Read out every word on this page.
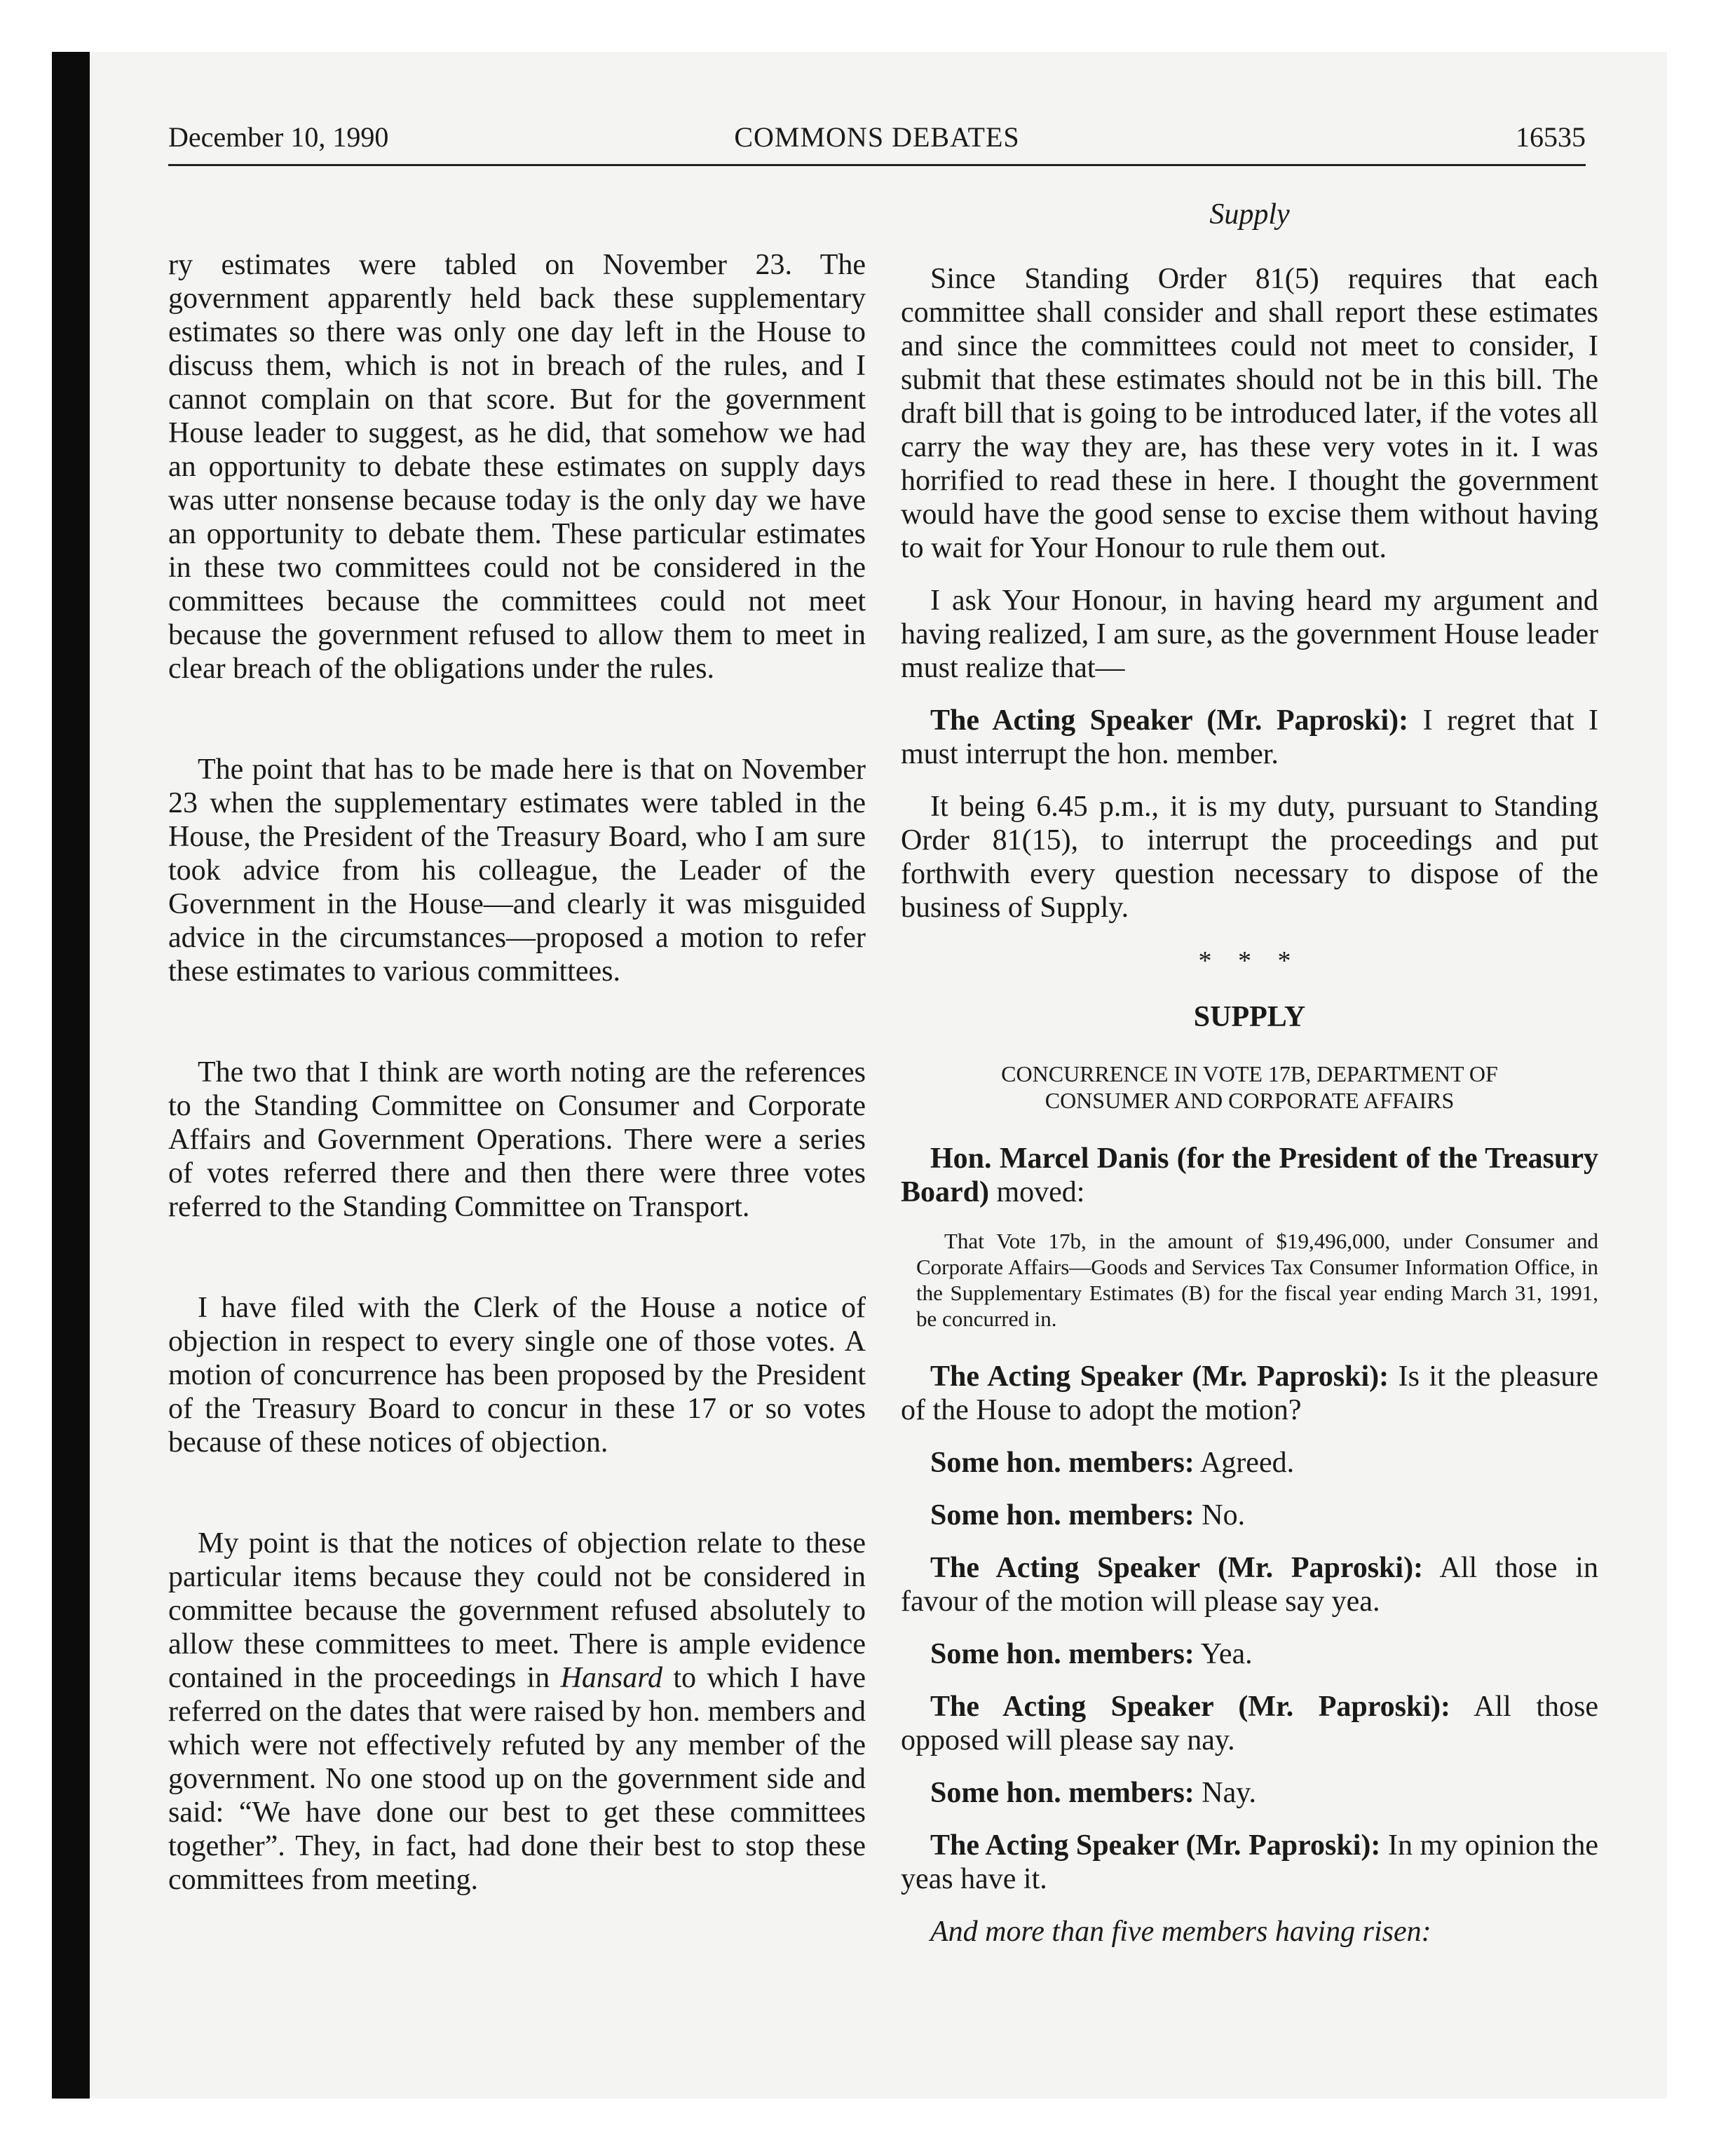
December 10, 1990	COMMONS DEBATES	16535

ry estimates were tabled on November 23. The government apparently held back these supplementary estimates so there was only one day left in the House to discuss them, which is not in breach of the rules, and I cannot complain on that score. But for the government House leader to suggest, as he did, that somehow we had an opportunity to debate these estimates on supply days was utter nonsense because today is the only day we have an opportunity to debate them. These particular estimates in these two committees could not be considered in the committees because the committees could not meet because the government refused to allow them to meet in clear breach of the obligations under the rules.

The point that has to be made here is that on November 23 when the supplementary estimates were tabled in the House, the President of the Treasury Board, who I am sure took advice from his colleague, the Leader of the Government in the House—and clearly it was misguided advice in the circumstances—proposed a motion to refer these estimates to various committees.

The two that I think are worth noting are the references to the Standing Committee on Consumer and Corporate Affairs and Government Operations. There were a series of votes referred there and then there were three votes referred to the Standing Committee on Transport.

I have filed with the Clerk of the House a notice of objection in respect to every single one of those votes. A motion of concurrence has been proposed by the President of the Treasury Board to concur in these 17 or so votes because of these notices of objection.

My point is that the notices of objection relate to these particular items because they could not be considered in committee because the government refused absolutely to allow these committees to meet. There is ample evidence contained in the proceedings in Hansard to which I have referred on the dates that were raised by hon. members and which were not effectively refuted by any member of the government. No one stood up on the government side and said: “We have done our best to get these committees together”. They, in fact, had done their best to stop these committees from meeting.

Supply

Since Standing Order 81(5) requires that each committee shall consider and shall report these estimates and since the committees could not meet to consider, I submit that these estimates should not be in this bill. The draft bill that is going to be introduced later, if the votes all carry the way they are, has these very votes in it. I was horrified to read these in here. I thought the government would have the good sense to excise them without having to wait for Your Honour to rule them out.

I ask Your Honour, in having heard my argument and having realized, I am sure, as the government House leader must realize that—

The Acting Speaker (Mr. Paproski): I regret that I must interrupt the hon. member.

It being 6.45 p.m., it is my duty, pursuant to Standing Order 81(15), to interrupt the proceedings and put forthwith every question necessary to dispose of the business of Supply.

* * *
SUPPLY
CONCURRENCE IN VOTE 17B, DEPARTMENT OF
CONSUMER AND CORPORATE AFFAIRS

Hon. Marcel Danis (for the President of the Treasury Board) moved:

That Vote 17b, in the amount of $19,496,000, under Consumer and Corporate Affairs—Goods and Services Tax Consumer Information Office, in the Supplementary Estimates (B) for the fiscal year ending March 31, 1991, be concurred in.

The Acting Speaker (Mr. Paproski): Is it the pleasure of the House to adopt the motion?

Some hon. members: Agreed.

Some hon. members: No.

The Acting Speaker (Mr. Paproski): All those in favour of the motion will please say yea.

Some hon. members: Yea.

The Acting Speaker (Mr. Paproski): All those opposed will please say nay.

Some hon. members: Nay.

The Acting Speaker (Mr. Paproski): In my opinion the yeas have it.

And more than five members having risen:
